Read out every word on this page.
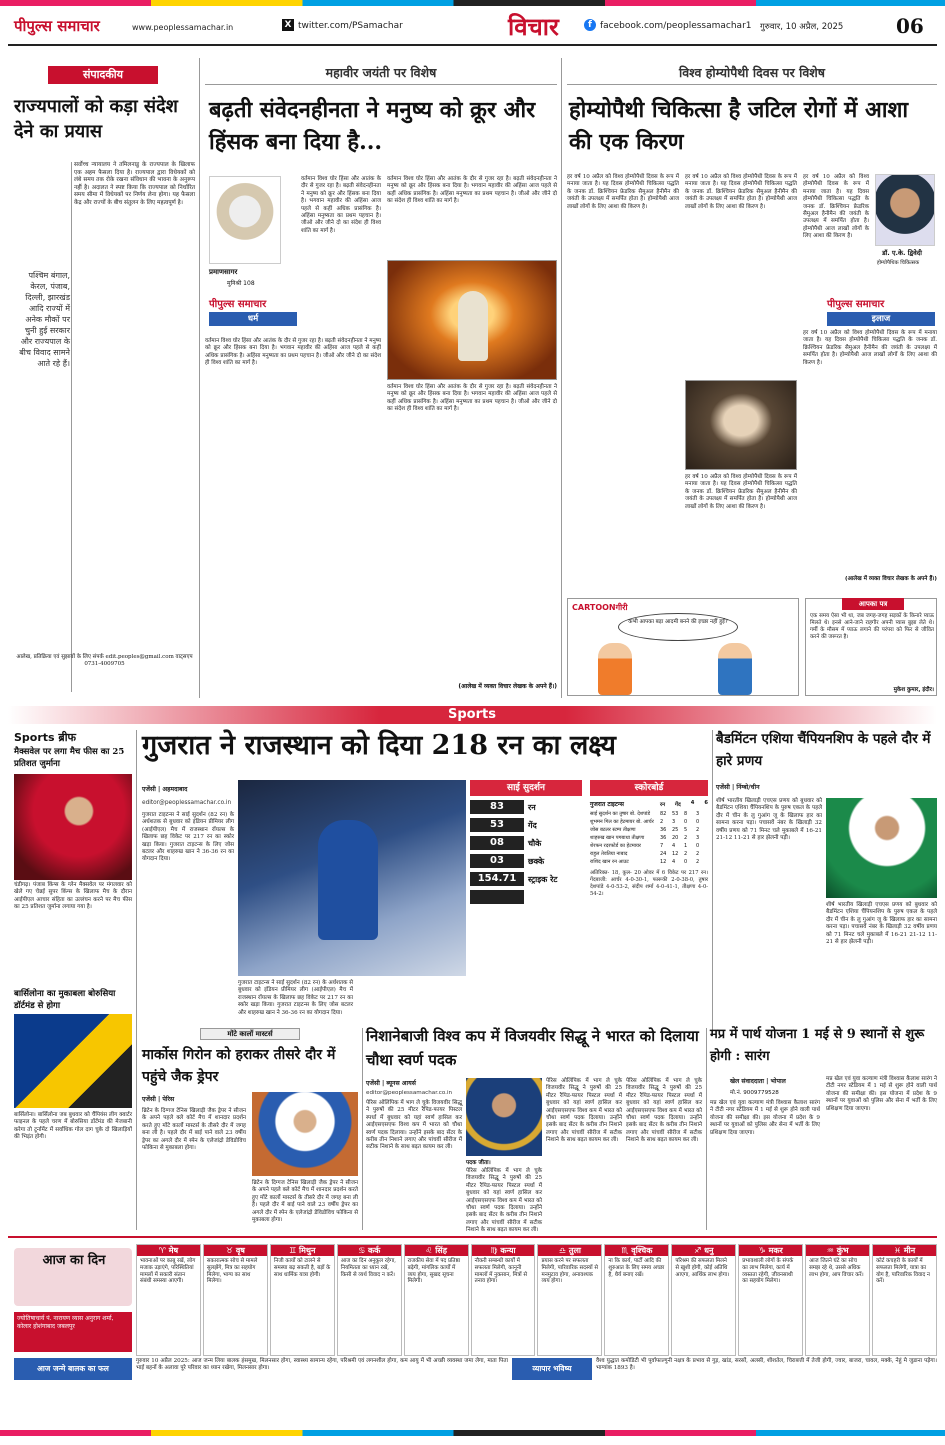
पीपुल्स समाचार	www.peoplessamachar.in	X twitter.com/PSamachar	विचार	f facebook.com/peoplessamachar1 गुरुवार, 10 अप्रैल, 2025	06
संपादकीय
राज्यपालों को कड़ा संदेश देने का प्रयास
सर्वोच्च न्यायालय ने तमिलनाडु के राज्यपाल के खिलाफ एक अहम फैसला दिया है। राज्यपाल द्वारा विधेयकों को लंबे समय तक रोके रखना संविधान की भावना के अनुरूप नहीं है। अदालत ने स्पष्ट किया कि राज्यपाल को निर्धारित समय सीमा में विधेयकों पर निर्णय लेना होगा। यह फैसला केंद्र और राज्यों के बीच संतुलन के लिए महत्वपूर्ण है।
पश्चिम बंगाल, केरल, पंजाब, दिल्ली, झारखंड आदि राज्यों में अनेक मौकों पर चुनी हुई सरकार और राज्यपाल के बीच विवाद सामने आते रहे हैं।
आलेख, प्रतिक्रिया एवं सुझावों के लिए संपर्क edit.peoples@gmail.com वाट्सएप 0731-4009705
महावीर जयंती पर विशेष
बढ़ती संवेदनहीनता ने मनुष्य को क्रूर और हिंसक बना दिया है...
प्रमाणसागर
मुनिश्री 108
पीपुल्स समाचार
धर्म
वर्तमान विश्व घोर हिंसा और आतंक के दौर से गुजर रहा है। बढ़ती संवेदनहीनता ने मनुष्य को क्रूर और हिंसक बना दिया है। भगवान महावीर की अहिंसा आज पहले से कहीं अधिक प्रासंगिक है। अहिंसा मनुष्यता का प्रथम पहचान है। जीओ और जीने दो का संदेश ही विश्व शांति का मार्ग है।
वर्तमान विश्व घोर हिंसा और आतंक के दौर से गुजर रहा है। बढ़ती संवेदनहीनता ने मनुष्य को क्रूर और हिंसक बना दिया है। भगवान महावीर की अहिंसा आज पहले से कहीं अधिक प्रासंगिक है। अहिंसा मनुष्यता का प्रथम पहचान है। जीओ और जीने दो का संदेश ही विश्व शांति का मार्ग है।
वर्तमान विश्व घोर हिंसा और आतंक के दौर से गुजर रहा है। बढ़ती संवेदनहीनता ने मनुष्य को क्रूर और हिंसक बना दिया है। भगवान महावीर की अहिंसा आज पहले से कहीं अधिक प्रासंगिक है। अहिंसा मनुष्यता का प्रथम पहचान है। जीओ और जीने दो का संदेश ही विश्व शांति का मार्ग है।
वर्तमान विश्व घोर हिंसा और आतंक के दौर से गुजर रहा है। बढ़ती संवेदनहीनता ने मनुष्य को क्रूर और हिंसक बना दिया है। भगवान महावीर की अहिंसा आज पहले से कहीं अधिक प्रासंगिक है। अहिंसा मनुष्यता का प्रथम पहचान है। जीओ और जीने दो का संदेश ही विश्व शांति का मार्ग है।
(आलेख में व्यक्त विचार लेखक के अपने हैं।)
विश्व होम्योपैथी दिवस पर विशेष
होम्योपैथी चिकित्सा है जटिल रोगों में आशा की एक किरण
हर वर्ष 10 अप्रैल को विश्व होम्योपैथी दिवस के रूप में मनाया जाता है। यह दिवस होम्योपैथी चिकित्सा पद्धति के जनक डॉ. क्रिश्चियन फ्रेडरिक सैमुअल हैनीमैन की जयंती के उपलक्ष्य में समर्पित होता है। होम्योपैथी आज लाखों लोगों के लिए आशा की किरण है।
हर वर्ष 10 अप्रैल को विश्व होम्योपैथी दिवस के रूप में मनाया जाता है। यह दिवस होम्योपैथी चिकित्सा पद्धति के जनक डॉ. क्रिश्चियन फ्रेडरिक सैमुअल हैनीमैन की जयंती के उपलक्ष्य में समर्पित होता है। होम्योपैथी आज लाखों लोगों के लिए आशा की किरण है।
हर वर्ष 10 अप्रैल को विश्व होम्योपैथी दिवस के रूप में मनाया जाता है। यह दिवस होम्योपैथी चिकित्सा पद्धति के जनक डॉ. क्रिश्चियन फ्रेडरिक सैमुअल हैनीमैन की जयंती के उपलक्ष्य में समर्पित होता है। होम्योपैथी आज लाखों लोगों के लिए आशा की किरण है।
हर वर्ष 10 अप्रैल को विश्व होम्योपैथी दिवस के रूप में मनाया जाता है। यह दिवस होम्योपैथी चिकित्सा पद्धति के जनक डॉ. क्रिश्चियन फ्रेडरिक सैमुअल हैनीमैन की जयंती के उपलक्ष्य में समर्पित होता है। होम्योपैथी आज लाखों लोगों के लिए आशा की किरण है।
डॉ. ए.के. द्विवेदी
होम्योपैथिक चिकित्सक
पीपुल्स समाचार
इलाज
हर वर्ष 10 अप्रैल को विश्व होम्योपैथी दिवस के रूप में मनाया जाता है। यह दिवस होम्योपैथी चिकित्सा पद्धति के जनक डॉ. क्रिश्चियन फ्रेडरिक सैमुअल हैनीमैन की जयंती के उपलक्ष्य में समर्पित होता है। होम्योपैथी आज लाखों लोगों के लिए आशा की किरण है।
(आलेख में व्यक्त विचार लेखक के अपने हैं।)
CARTOONगीरी
कभी आपका बड़ा आदमी बनने की इच्छा नहीं हुई?
आपका पत्र
एक समय ऐसा भी था, जब जगह-जगह सड़कों के किनारे प्याऊ मिलते थे। इनसे आने-जाने राहगीर अपनी प्यास बुझा लेते थे। गर्मी के मौसम में प्याऊ लगाने की परंपरा को फिर से जीवित करने की जरूरत है।
मुकेश कुमार, इंदौर।
Sports
Sports ब्रीफ
मैक्सवेल पर लगा मैच फीस का 25 प्रतिशत जुर्माना
चंडीगढ़। पंजाब किंग्स के ग्लेन मैक्सवेल पर मंगलवार को खेले गए चेन्नई सुपर किंग्स के खिलाफ मैच के दौरान आईपीएल आचार संहिता का उल्लंघन करने पर मैच फीस का 25 प्रतिशत जुर्माना लगाया गया है।
बार्सिलोना का मुकाबला बोरुसिया डॉर्टमंड से होगा
बार्सिलोना। बार्सिलोना जब बुधवार को चैंपियंस लीग क्वार्टर फाइनल के पहले चरण में बोरुसिया डॉर्टमंड की मेजबानी करेगा तो टूर्नामेंट में सर्वाधिक गोल दाग चुके दो खिलाड़ियों की भिड़ंत होगी।
गुजरात ने राजस्थान को दिया 218 रन का लक्ष्य
एजेंसी | अहमदाबाद
editor@peoplessamachar.co.in
गुजरात टाइटन्स ने साई सुदर्शन (82 रन) के अर्धशतक से बुधवार को इंडियन प्रीमियर लीग (आईपीएल) मैच में राजस्थान रॉयल्स के खिलाफ छह विकेट पर 217 रन का स्कोर खड़ा किया। गुजरात टाइटन्स के लिए जोस बटलर और शाहरुख खान ने 36-36 रन का योगदान दिया।
गुजरात टाइटन्स ने साई सुदर्शन (82 रन) के अर्धशतक से बुधवार को इंडियन प्रीमियर लीग (आईपीएल) मैच में राजस्थान रॉयल्स के खिलाफ छह विकेट पर 217 रन का स्कोर खड़ा किया। गुजरात टाइटन्स के लिए जोस बटलर और शाहरुख खान ने 36-36 रन का योगदान दिया।
साई सुदर्शन
83	रन
53	गेंद
08	चौके
03	छक्के
154.71	स्ट्राइक रेट
स्कोरबोर्ड
गुजरात टाइटन्स	रन गेंद 4 6
साई सुदर्शन का तुषार बो. देशपांडे	82	53	8	3
शुभमन गिल का हेटमायर बो. आर्चर	2	3	0	0
जोस बटलर स्टम्प तीक्षणा	36	25	5	2
शाहरुख खान पगबाधा तीक्षणा	36	20	2	3
शेरफन रदरफोर्ड का हेटमायर	7	4	1	0
राहुल तेवतिया नाबाद	24	12	2	2
राशिद खान रन आउट	12	4	0	2
अतिरिक्त- 18, कुल- 20 ओवर में 6 विकेट पर 217 रन। गेंदबाजी: आर्चर 4-0-30-1, फारूकी 2-0-38-0, तुषार देशपांडे 4-0-53-2, संदीप शर्मा 4-0-41-1, तीक्षणा 4-0-54-2।
बैडमिंटन एशिया चैंपियनशिप के पहले दौर में हारे प्रणय
एजेंसी | निंग्बो/चीन
शीर्ष भारतीय खिलाड़ी एचएस प्रणय को बुधवार को बैडमिंटन एशिया चैंपियनशिप के पुरुष एकल के पहले दौर में चीन के लु गुआंग जू के खिलाफ हार का सामना करना पड़ा। पचासवें नंबर के खिलाड़ी 32 वर्षीय प्रणय को 71 मिनट चले मुकाबले में 16-21 21-12 11-21 से हार झेलनी पड़ी।
शीर्ष भारतीय खिलाड़ी एचएस प्रणय को बुधवार को बैडमिंटन एशिया चैंपियनशिप के पुरुष एकल के पहले दौर में चीन के लु गुआंग जू के खिलाफ हार का सामना करना पड़ा। पचासवें नंबर के खिलाड़ी 32 वर्षीय प्रणय को 71 मिनट चले मुकाबले में 16-21 21-12 11-21 से हार झेलनी पड़ी।
मोंटे कार्लो मास्टर्स
मार्कोस गिरोन को हराकर तीसरे दौर में पहुंचे जैक ड्रेपर
एजेंसी | पेरिस
ब्रिटेन के दिग्गज टेनिस खिलाड़ी जैक ड्रेपर ने सीजन के अपने पहले क्ले कोर्ट मैच में शानदार प्रदर्शन करते हुए मोंटे कार्लो मास्टर्स के तीसरे दौर में जगह बना ली है। पहले दौर में बाई पाने वाले 23 वर्षीय ड्रेपर का अगले दौर में स्पेन के एलेजांद्रो डेविडोविच फोकिना से मुकाबला होगा।
ब्रिटेन के दिग्गज टेनिस खिलाड़ी जैक ड्रेपर ने सीजन के अपने पहले क्ले कोर्ट मैच में शानदार प्रदर्शन करते हुए मोंटे कार्लो मास्टर्स के तीसरे दौर में जगह बना ली है। पहले दौर में बाई पाने वाले 23 वर्षीय ड्रेपर का अगले दौर में स्पेन के एलेजांद्रो डेविडोविच फोकिना से मुकाबला होगा।
निशानेबाजी विश्व कप में विजयवीर सिद्धू ने भारत को दिलाया चौथा स्वर्ण पदक
एजेंसी | ब्यूनस आयर्स
editor@peoplessamachar.co.in
पेरिस ओलिंपिक में भाग ले चुके विजयवीर सिद्धू ने पुरुषों की 25 मीटर रैपिड-फायर पिस्टल स्पर्धा में बुधवार को यहां स्वर्ण हासिल कर आईएसएसएफ विश्व कप में भारत को चौथा स्वर्ण पदक दिलाया। उन्होंने इसके बाद सेंटर के करीब तीन निशाने लगाए और पांचवीं सीरीज में सटीक निशाने के साथ बढ़त कायम कर ली।
पदक जीता।
पेरिस ओलिंपिक में भाग ले चुके विजयवीर सिद्धू ने पुरुषों की 25 मीटर रैपिड-फायर पिस्टल स्पर्धा में बुधवार को यहां स्वर्ण हासिल कर आईएसएसएफ विश्व कप में भारत को चौथा स्वर्ण पदक दिलाया। उन्होंने इसके बाद सेंटर के करीब तीन निशाने लगाए और पांचवीं सीरीज में सटीक निशाने के साथ बढ़त कायम कर ली।
पेरिस ओलिंपिक में भाग ले चुके विजयवीर सिद्धू ने पुरुषों की 25 मीटर रैपिड-फायर पिस्टल स्पर्धा में बुधवार को यहां स्वर्ण हासिल कर आईएसएसएफ विश्व कप में भारत को चौथा स्वर्ण पदक दिलाया। उन्होंने इसके बाद सेंटर के करीब तीन निशाने लगाए और पांचवीं सीरीज में सटीक निशाने के साथ बढ़त कायम कर ली।
पेरिस ओलिंपिक में भाग ले चुके विजयवीर सिद्धू ने पुरुषों की 25 मीटर रैपिड-फायर पिस्टल स्पर्धा में बुधवार को यहां स्वर्ण हासिल कर आईएसएसएफ विश्व कप में भारत को चौथा स्वर्ण पदक दिलाया। उन्होंने इसके बाद सेंटर के करीब तीन निशाने लगाए और पांचवीं सीरीज में सटीक निशाने के साथ बढ़त कायम कर ली।
मप्र में पार्थ योजना 1 मई से 9 स्थानों से शुरू होगी : सारंग
खेल संवाददाता | भोपाल
मो.नं. 9009779528
मप्र खेल एवं युवा कल्याण मंत्री विश्वास कैलाश सारंग ने टीटी नगर स्टेडियम में 1 मई से शुरू होने वाली पार्थ योजना की समीक्षा की। इस योजना में प्रदेश के 9 स्थानों पर युवाओं को पुलिस और सेना में भर्ती के लिए प्रशिक्षण दिया जाएगा।
मप्र खेल एवं युवा कल्याण मंत्री विश्वास कैलाश सारंग ने टीटी नगर स्टेडियम में 1 मई से शुरू होने वाली पार्थ योजना की समीक्षा की। इस योजना में प्रदेश के 9 स्थानों पर युवाओं को पुलिस और सेना में भर्ती के लिए प्रशिक्षण दिया जाएगा।
आज का दिन
ज्योतिषाचार्य पं. नारायण व्यास अनुराग शर्मा, कोलार होशंगाबाद जबलपुर
♈ मेष
भावनाओं पर काबू रखें, लोग मजाक उड़ाएंगे, परिस्थितियां मामलों में सकारी संतान संबंधी समस्या आएगी।
♉ वृष
सकारात्मक सोच से मामले सुलझेंगे, मित्र का सहयोग मिलेगा, भाग्य का साथ मिलेगा।
♊ मिथुन
निजी कार्यों को टालने से समस्या बढ़ सकती है, बड़ों के साथ धार्मिक यात्रा होगी।
♋ कर्क
आज का दिन अनुकूल रहेगा, नियमितता का ध्यान रखें, किसी से व्यर्थ विवाद न करें।
♌ सिंह
राजकीय सेवा में पद प्रतिष्ठा बढ़ेगी, मांगलिक कार्यों में व्यय होगा, सुखद सूचना मिलेगी।
♍ कन्या
नौकरी सम्बन्धी कार्यों में सफलता मिलेगी, कानूनी मामलों में नुकसान, मित्रों से तनाव होगा।
♎ तुला
प्रयास करने पर सफलता मिलेगी, पारिवारिक सदस्यों से मनमुटाव होगा, अनावश्यक व्यय होगा।
♏ वृश्चिक
ना कि कार्य, पार्टी आदि की शुरुआत के लिए समय अच्छा है, धैर्य बनाए रखें।
♐ धनु
परिश्रम की सफलता मिलने से खुशी होगी, कोई अतिथि आएगा, आर्थिक लाभ होगा।
♑ मकर
प्रभावशाली लोगों के संपर्क का लाभ मिलेगा, कार्य में व्यस्तता रहेगी, जीवनसाथी का सहयोग मिलेगा।
♒ कुंभ
आज जितने घंटे का सोच समझ रहे थे, उससे अधिक लाभ होगा, आप विचार करें।
♓ मीन
कोर्ट कचहरी के कार्यों में सफलता मिलेगी, यात्रा का योग है, पारिवारिक विवाद न करें।
आज जन्मे बालक का फल
गुरुवार 10 अप्रैल 2025: आज जन्म लिया बालक हंसमुख, मिलनसार होगा, स्वास्थ्य सामान्य रहेगा, परिश्रमी एवं लगनशील होगा, कम आयु में भी अच्छी व्यवस्था जमा लेगा, माता पिता भाई बहनों के अलावा पूरे परिवार का ध्यान रखेगा, मिलनसार होगा।	व्यापार भविष्य
वैश्व युद्धात कमोडिटी भी पूर्वाफाल्गुनी नक्षत्र के प्रभाव से गुड़, खांड, सरसों, अलसी, शीशतेल, चिराबत्ती में तेजी होगी, ज्वार, बाजरा, चावल, मक्के, नेहुं मे जुडाना पड़ेगा। भाग्यांक 1893 है।
